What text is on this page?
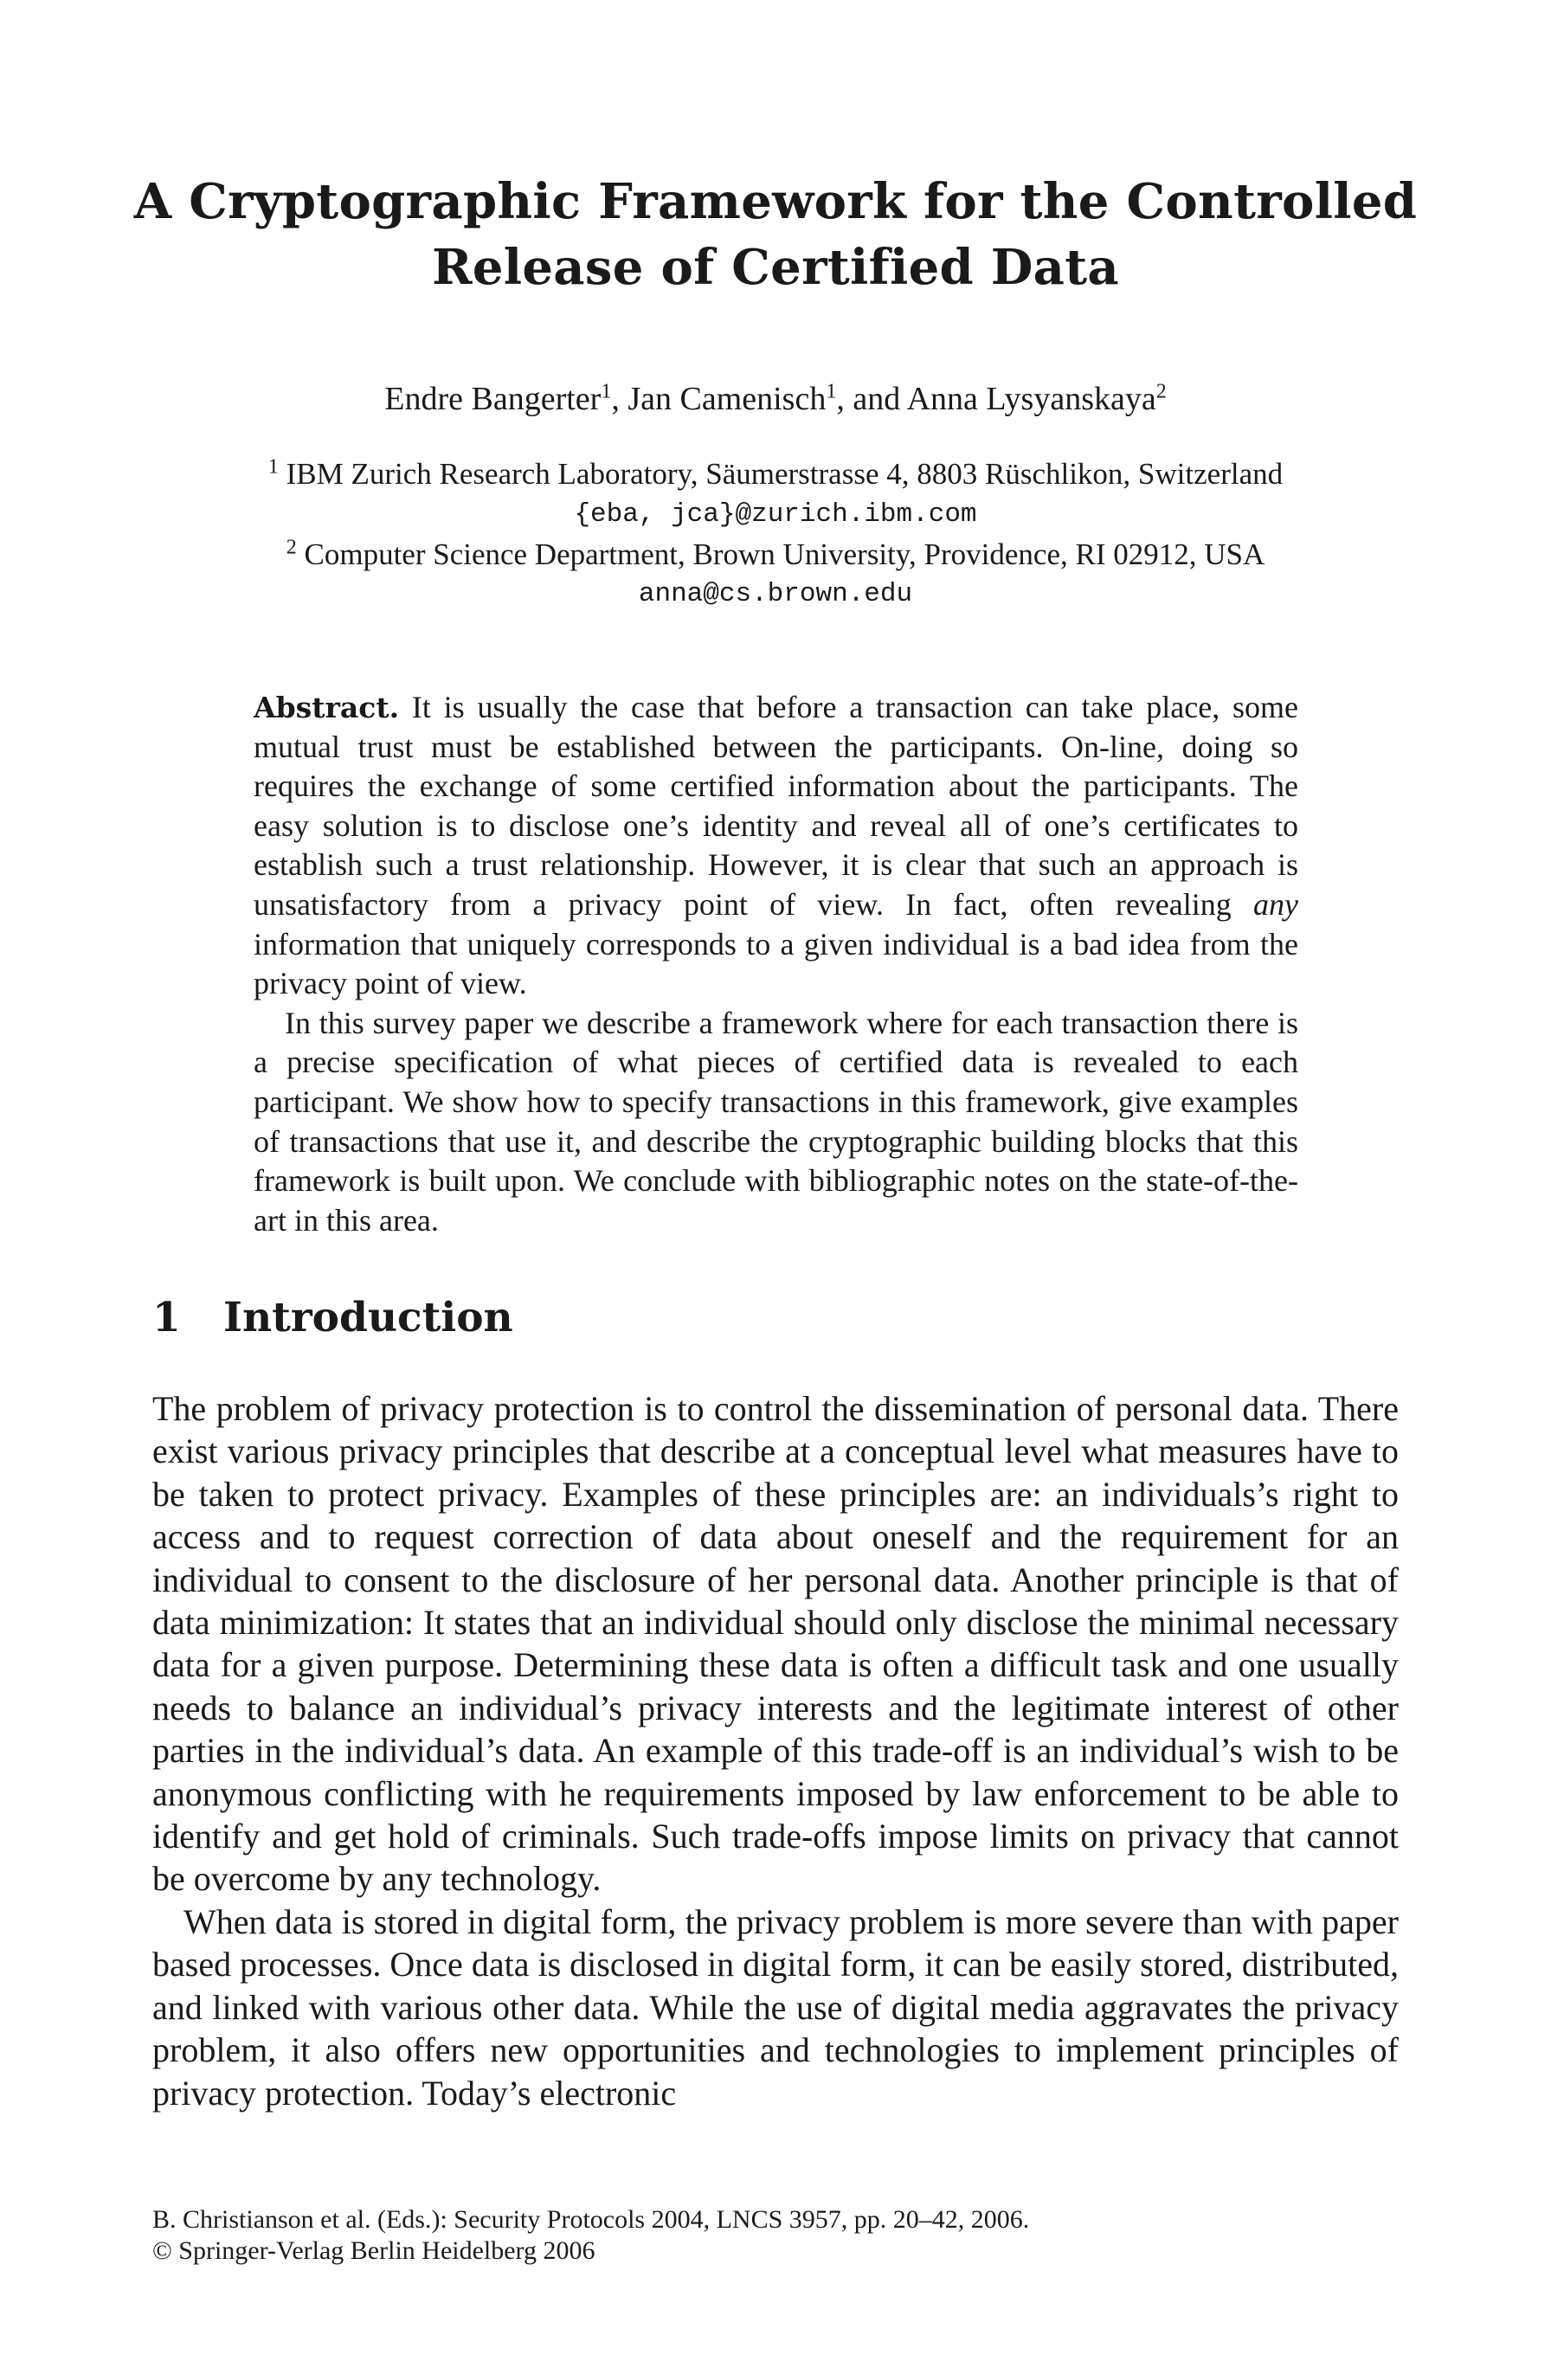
A Cryptographic Framework for the Controlled
Release of Certified Data
Endre Bangerter$^1$, Jan Camenisch$^1$, and Anna Lysyanskaya$^2$
$^1$ IBM Zurich Research Laboratory, Säumerstrasse 4, 8803 Rüschlikon, Switzerland
{eba, jca}@zurich.ibm.com
$^2$ Computer Science Department, Brown University, Providence, RI 02912, USA
anna@cs.brown.edu

Abstract. It is usually the case that before a transaction can take place, some mutual trust must be established between the participants. On-line, doing so requires the exchange of some certified information about the participants. The easy solution is to disclose one’s identity and reveal all of one’s certificates to establish such a trust relationship. However, it is clear that such an approach is unsatisfactory from a privacy point of view. In fact, often revealing any information that uniquely corresponds to a given individual is a bad idea from the privacy point of view.

In this survey paper we describe a framework where for each transaction there is a precise specification of what pieces of certified data is revealed to each participant. We show how to specify transactions in this framework, give examples of transactions that use it, and describe the cryptographic building blocks that this framework is built upon. We conclude with bibliographic notes on the state-of-the-art in this area.

1 Introduction

The problem of privacy protection is to control the dissemination of personal data. There exist various privacy principles that describe at a conceptual level what measures have to be taken to protect privacy. Examples of these principles are: an individuals’s right to access and to request correction of data about oneself and the requirement for an individual to consent to the disclosure of her personal data. Another principle is that of data minimization: It states that an individual should only disclose the minimal necessary data for a given purpose. Determining these data is often a difficult task and one usually needs to balance an individual’s privacy interests and the legitimate interest of other parties in the individual’s data. An example of this trade-off is an individual’s wish to be anonymous conflicting with he requirements imposed by law enforcement to be able to identify and get hold of criminals. Such trade-offs impose limits on privacy that cannot be overcome by any technology.

When data is stored in digital form, the privacy problem is more severe than with paper based processes. Once data is disclosed in digital form, it can be easily stored, distributed, and linked with various other data. While the use of digital media aggravates the privacy problem, it also offers new opportunities and technologies to implement principles of privacy protection. Today’s electronic

B. Christianson et al. (Eds.): Security Protocols 2004, LNCS 3957, pp. 20–42, 2006.
© Springer-Verlag Berlin Heidelberg 2006
